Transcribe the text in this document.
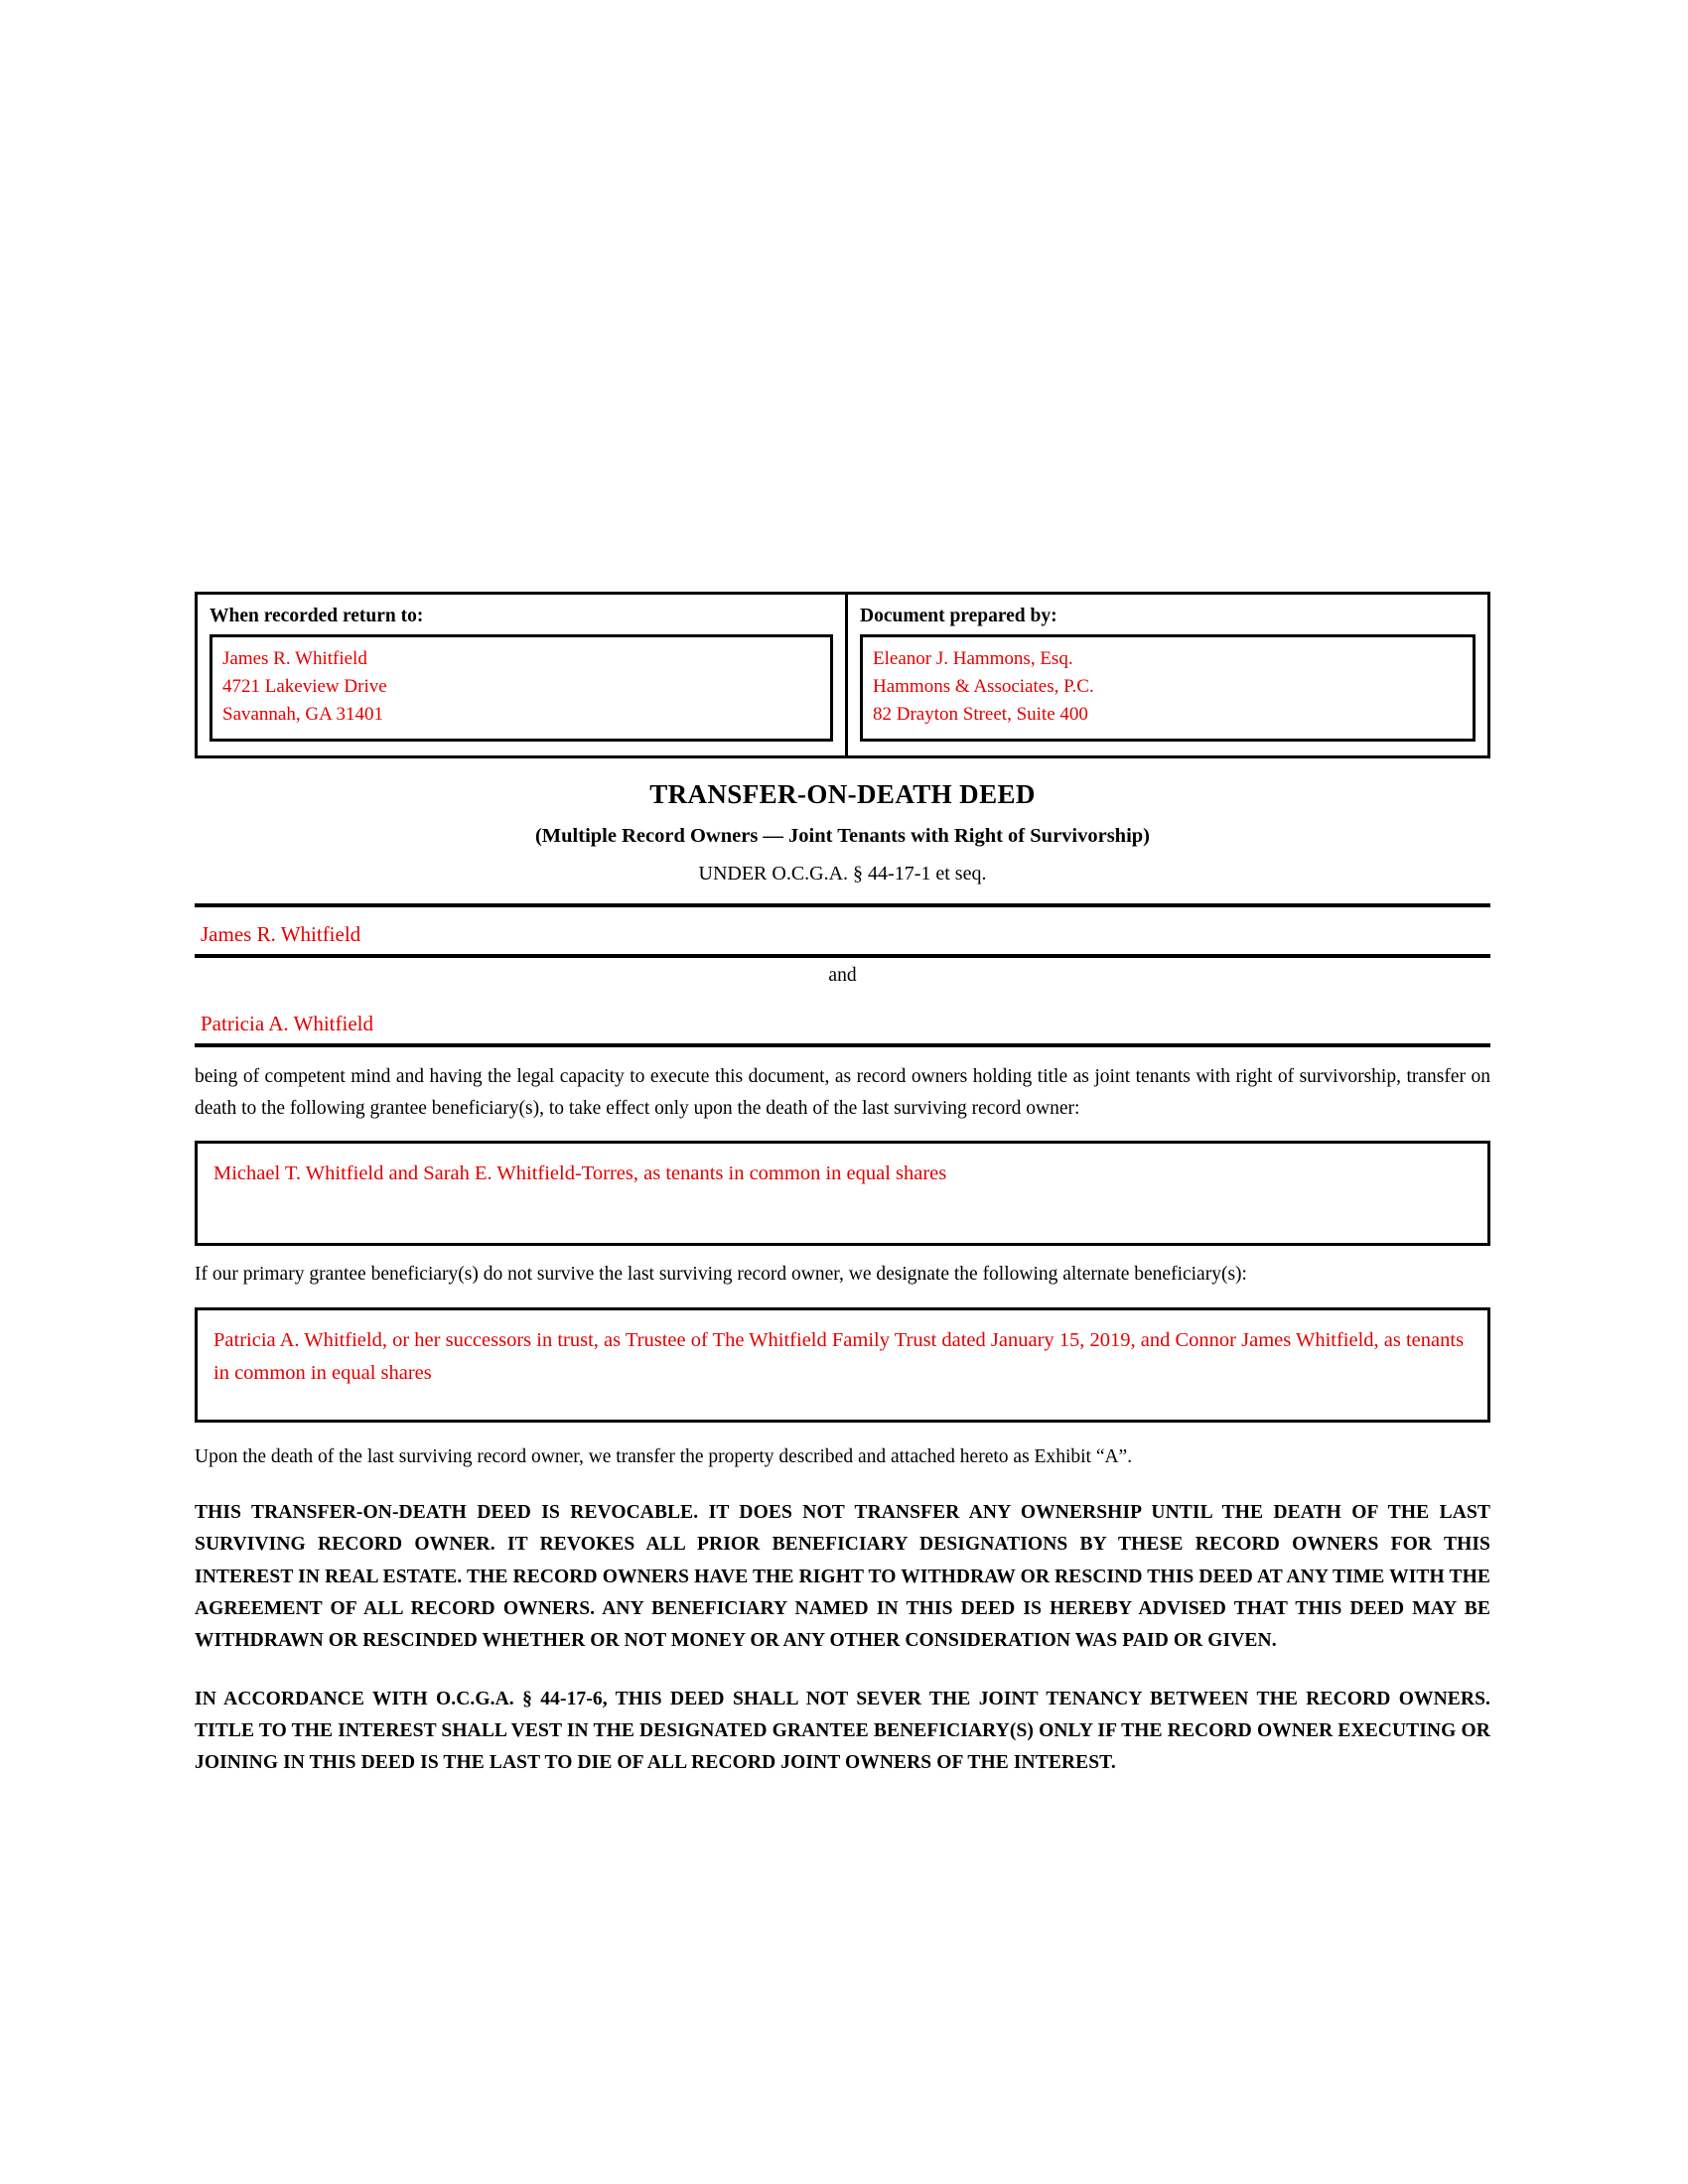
When recorded return to:
James R. Whitfield
4721 Lakeview Drive
Savannah, GA 31401
Document prepared by:
Eleanor J. Hammons, Esq.
Hammons & Associates, P.C.
82 Drayton Street, Suite 400
TRANSFER-ON-DEATH DEED
(Multiple Record Owners — Joint Tenants with Right of Survivorship)
UNDER O.C.G.A. § 44-17-1 et seq.
James R. Whitfield
and
Patricia A. Whitfield

being of competent mind and having the legal capacity to execute this document, as record owners holding title as joint tenants with right of survivorship, transfer on death to the following grantee beneficiary(s), to take effect only upon the death of the last surviving record owner:

Michael T. Whitfield and Sarah E. Whitfield-Torres, as tenants in common in equal shares

If our primary grantee beneficiary(s) do not survive the last surviving record owner, we designate the following alternate beneficiary(s):

Patricia A. Whitfield, or her successors in trust, as Trustee of The Whitfield Family Trust dated January 15, 2019, and Connor James Whitfield, as tenants in common in equal shares

Upon the death of the last surviving record owner, we transfer the property described and attached hereto as Exhibit “A”.

THIS TRANSFER-ON-DEATH DEED IS REVOCABLE. IT DOES NOT TRANSFER ANY OWNERSHIP UNTIL THE DEATH OF THE LAST SURVIVING RECORD OWNER. IT REVOKES ALL PRIOR BENEFICIARY DESIGNATIONS BY THESE RECORD OWNERS FOR THIS INTEREST IN REAL ESTATE. THE RECORD OWNERS HAVE THE RIGHT TO WITHDRAW OR RESCIND THIS DEED AT ANY TIME WITH THE AGREEMENT OF ALL RECORD OWNERS. ANY BENEFICIARY NAMED IN THIS DEED IS HEREBY ADVISED THAT THIS DEED MAY BE WITHDRAWN OR RESCINDED WHETHER OR NOT MONEY OR ANY OTHER CONSIDERATION WAS PAID OR GIVEN.

IN ACCORDANCE WITH O.C.G.A. § 44-17-6, THIS DEED SHALL NOT SEVER THE JOINT TENANCY BETWEEN THE RECORD OWNERS. TITLE TO THE INTEREST SHALL VEST IN THE DESIGNATED GRANTEE BENEFICIARY(S) ONLY IF THE RECORD OWNER EXECUTING OR JOINING IN THIS DEED IS THE LAST TO DIE OF ALL RECORD JOINT OWNERS OF THE INTEREST.
